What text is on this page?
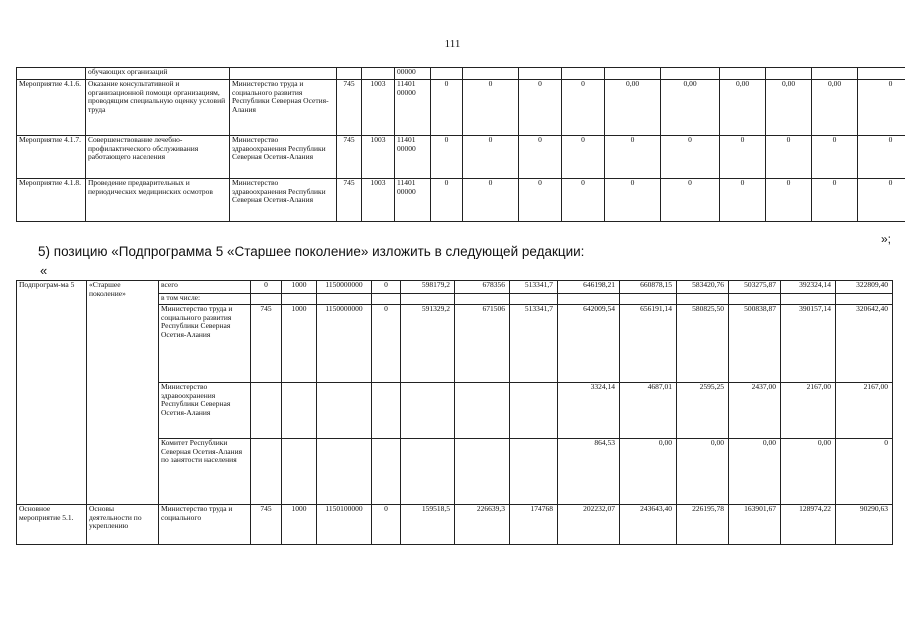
111
	обучающих организаций				00000										
Мероприятие 4.1.6.	Оказание консультативной и организационной помощи организациям, проводящим специальную оценку условий труда	Министерство труда и социального развития Республики Северная Осетия-Алания	745	1003	11401 00000	0	0	0	0	0,00	0,00	0,00	0,00	0,00	0
Мероприятие 4.1.7.	Совершенствование лечебно-профилактического обслуживания работающего населения	Министерство здравоохранения Республики Северная Осетия-Алания	745	1003	11401 00000	0	0	0	0	0	0	0	0	0	0
Мероприятие 4.1.8.	Проведение предварительных и периодических медицинских осмотров	Министерство здравоохранения Республики Северная Осетия-Алания	745	1003	11401 00000	0	0	0	0	0	0	0	0	0	0
»;
5) позицию «Подпрограмма 5 «Старшее поколение» изложить в следующей редакции:
«
Подпрограм-ма 5	«Старшее поколение»	всего	0	1000	1150000000	0	598179,2	678356	513341,7	646198,21	660878,15	583420,76	503275,87	392324,14	322809,40
		в том числе:													
		Министерство труда и социального развития Республики Северная Осетия-Алания	745	1000	1150000000	0	591329,2	671506	513341,7	642009,54	656191,14	580825,50	500838,87	390157,14	320642,40
		Министерство здравоохранения Республики Северная Осетия-Алания								3324,14	4687,01	2595,25	2437,00	2167,00	2167,00
		Комитет Республики Северная Осетия-Алания по занятости населения								864,53	0,00	0,00	0,00	0,00	0
Основное мероприятие 5.1.	Основы деятельности по укреплению	Министерство труда и социального	745	1000	1150100000	0	159518,5	226639,3	174768	202232,07	243643,40	226195,78	163901,67	128974,22	90290,63
